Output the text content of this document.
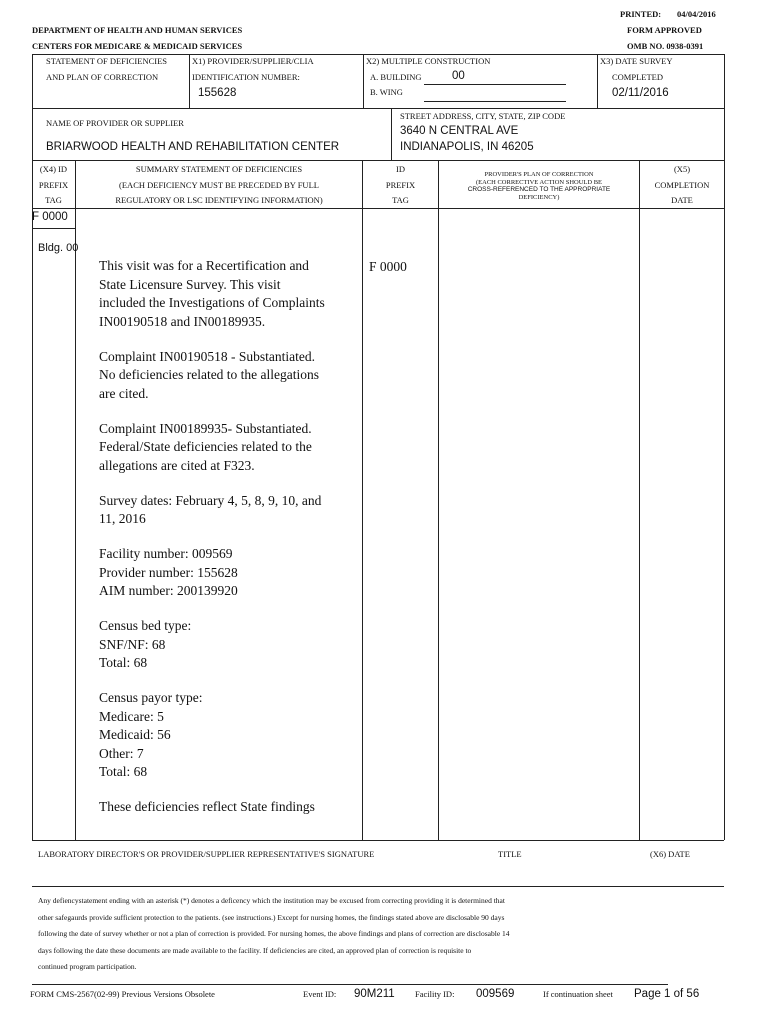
PRINTED: 04/04/2016
DEPARTMENT OF HEALTH AND HUMAN SERVICES	FORM APPROVED
CENTERS FOR MEDICARE & MEDICAID SERVICES	OMB NO. 0938-0391
STATEMENT OF DEFICIENCIES
AND PLAN OF CORRECTION
X1) PROVIDER/SUPPLIER/CLIA
IDENTIFICATION NUMBER:
155628
X2) MULTIPLE CONSTRUCTION
A. BUILDING	00
B. WING
X3) DATE SURVEY
COMPLETED
02/11/2016
NAME OF PROVIDER OR SUPPLIER
BRIARWOOD HEALTH AND REHABILITATION CENTER
STREET ADDRESS, CITY, STATE, ZIP CODE
3640 N CENTRAL AVE
INDIANAPOLIS, IN 46205
(X4) ID
PREFIX
TAG
SUMMARY STATEMENT OF DEFICIENCIES
(EACH DEFICIENCY MUST BE PRECEDED BY FULL
REGULATORY OR LSC IDENTIFYING INFORMATION)
ID
PREFIX
TAG
PROVIDER'S PLAN OF CORRECTION
(EACH CORRECTIVE ACTION SHOULD BE
CROSS-REFERENCED TO THE APPROPRIATE
DEFICIENCY)
(X5)
COMPLETION
DATE
F 0000
Bldg. 00
F 0000
This visit was for a Recertification and
State Licensure Survey. This visit
included the Investigations of Complaints
IN00190518 and IN00189935.
Complaint IN00190518 - Substantiated.
No deficiencies related to the allegations
are cited.
Complaint IN00189935- Substantiated.
Federal/State deficiencies related to the
allegations are cited at F323.
Survey dates: February 4, 5, 8, 9, 10, and
11, 2016
Facility number: 009569
Provider number: 155628
AIM number: 200139920
Census bed type:
SNF/NF: 68
Total: 68
Census payor type:
Medicare: 5
Medicaid: 56
Other: 7
Total: 68
These deficiencies reflect State findings
LABORATORY DIRECTOR'S OR PROVIDER/SUPPLIER REPRESENTATIVE'S SIGNATURE	TITLE	(X6) DATE
Any defiencystatement ending with an asterisk (*) denotes a deficency which the institution may be excused from correcting providing it is determined that
other safegaurds provide sufficient protection to the patients. (see instructions.) Except for nursing homes, the findings stated above are disclosable 90 days
following the date of survey whether or not a plan of correction is provided. For nursing homes, the above findings and plans of correction are disclosable 14
days following the date these documents are made available to the facility. If deficiencies are cited, an approved plan of correction is requisite to
continued program participation.
FORM CMS-2567(02-99) Previous Versions Obsolete	Event ID: 90M211 Facility ID: 009569	If continuation sheet Page 1 of 56
